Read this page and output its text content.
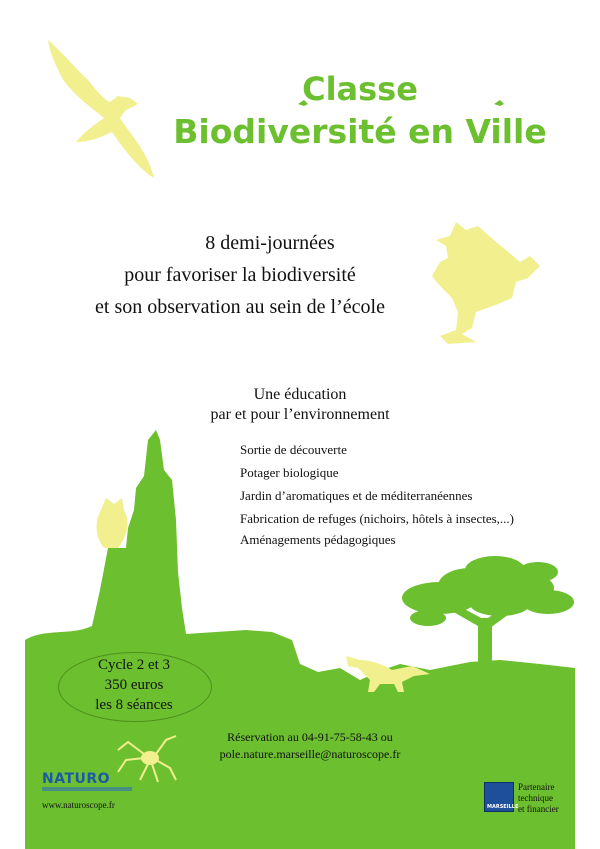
Classe
Biodiversité en Ville
8 demi-journées
pour favoriser la biodiversité
et son observation au sein de l’école
Une éducation
par et pour l’environnement
Sortie de découverte
Potager biologique
Jardin d’aromatiques et de méditerranéennes
Fabrication de refuges (nichoirs, hôtels à insectes,...)
Aménagements pédagogiques
Cycle 2 et 3
350 euros
les 8 séances
Réservation au 04-91-75-58-43 ou
pole.nature.marseille@naturoscope.fr
NATURO
www.naturoscope.fr	MARSEILLE
Partenaire
technique
et financier
